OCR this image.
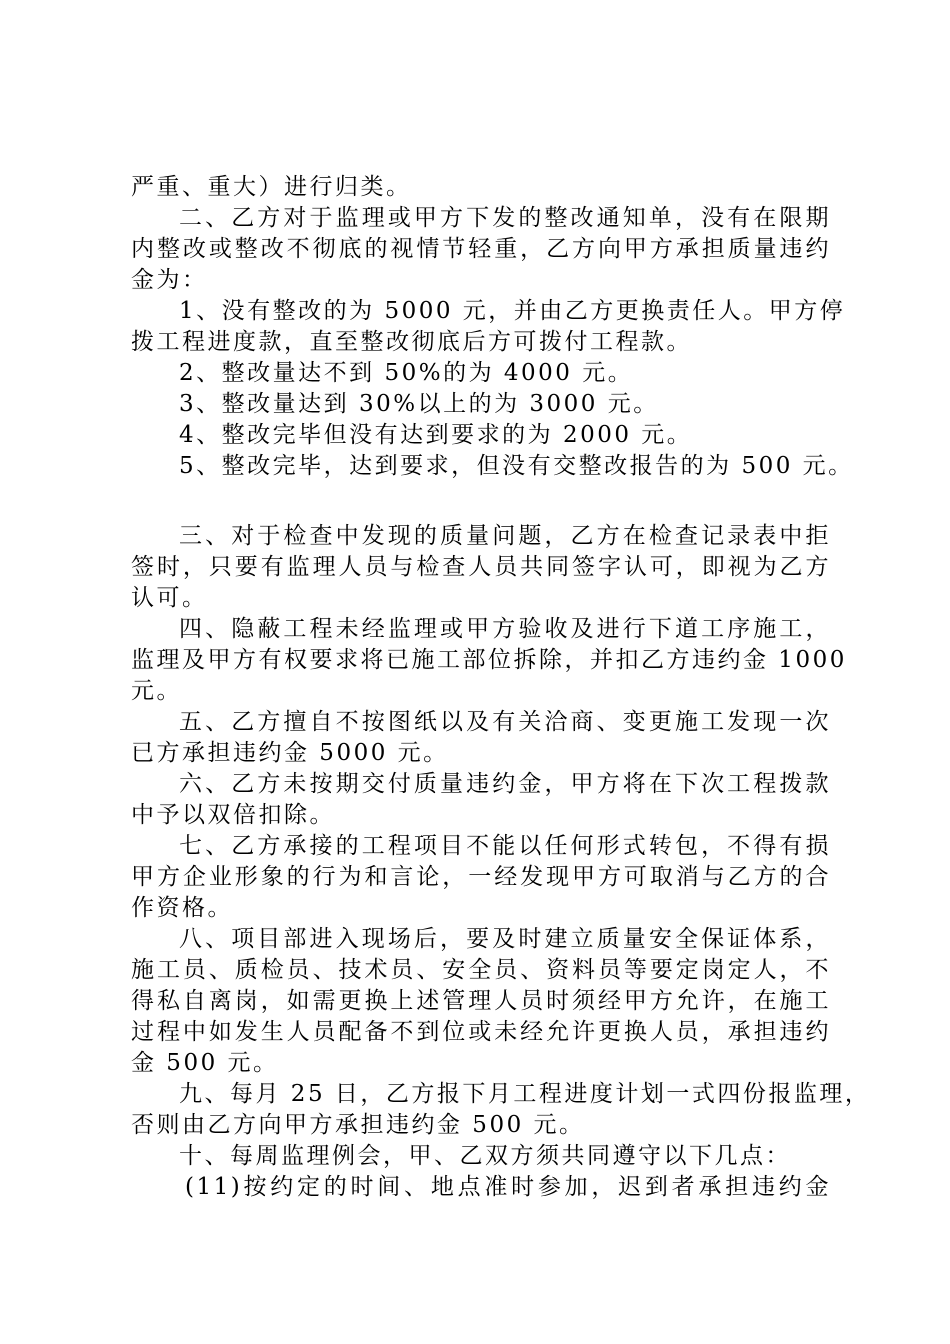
严重、重大）进行归类。
二、乙方对于监理或甲方下发的整改通知单，没有在限期
内整改或整改不彻底的视情节轻重，乙方向甲方承担质量违约
金为：
1、没有整改的为 5000 元，并由乙方更换责任人。甲方停
拨工程进度款，直至整改彻底后方可拨付工程款。
2、整改量达不到 50%的为 4000 元。
3、整改量达到 30%以上的为 3000 元。
4、整改完毕但没有达到要求的为 2000 元。
5、整改完毕，达到要求，但没有交整改报告的为 500 元。
三、对于检查中发现的质量问题，乙方在检查记录表中拒
签时，只要有监理人员与检查人员共同签字认可，即视为乙方
认可。
四、隐蔽工程未经监理或甲方验收及进行下道工序施工，
监理及甲方有权要求将已施工部位拆除，并扣乙方违约金 1000
元。
五、乙方擅自不按图纸以及有关洽商、变更施工发现一次
已方承担违约金 5000 元。
六、乙方未按期交付质量违约金，甲方将在下次工程拨款
中予以双倍扣除。
七、乙方承接的工程项目不能以任何形式转包，不得有损
甲方企业形象的行为和言论，一经发现甲方可取消与乙方的合
作资格。
八、项目部进入现场后，要及时建立质量安全保证体系，
施工员、质检员、技术员、安全员、资料员等要定岗定人，不
得私自离岗，如需更换上述管理人员时须经甲方允许，在施工
过程中如发生人员配备不到位或未经允许更换人员，承担违约
金 500 元。
九、每月 25 日，乙方报下月工程进度计划一式四份报监理，
否则由乙方向甲方承担违约金 500 元。
十、每周监理例会，甲、乙双方须共同遵守以下几点：
(11)按约定的时间、地点准时参加，迟到者承担违约金
